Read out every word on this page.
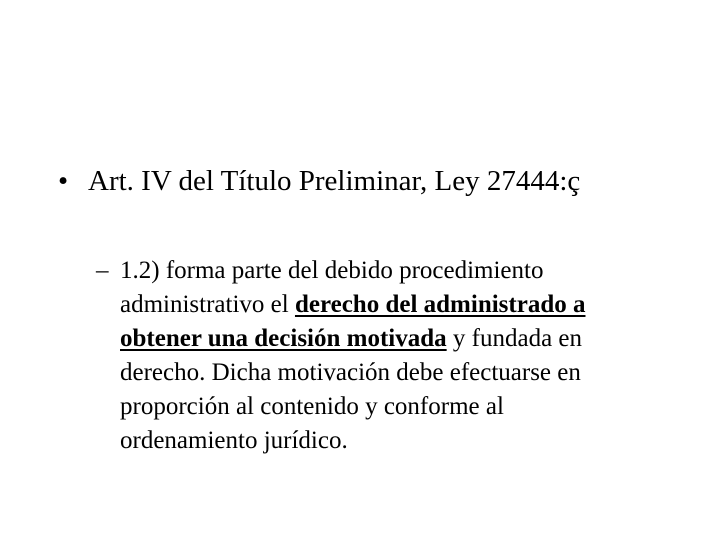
• Art. IV del Título Preliminar, Ley 27444:ç
– 1.2) forma parte del debido procedimiento
administrativo el derecho del administrado a
obtener una decisión motivada y fundada en
derecho. Dicha motivación debe efectuarse en
proporción al contenido y conforme al
ordenamiento jurídico.
